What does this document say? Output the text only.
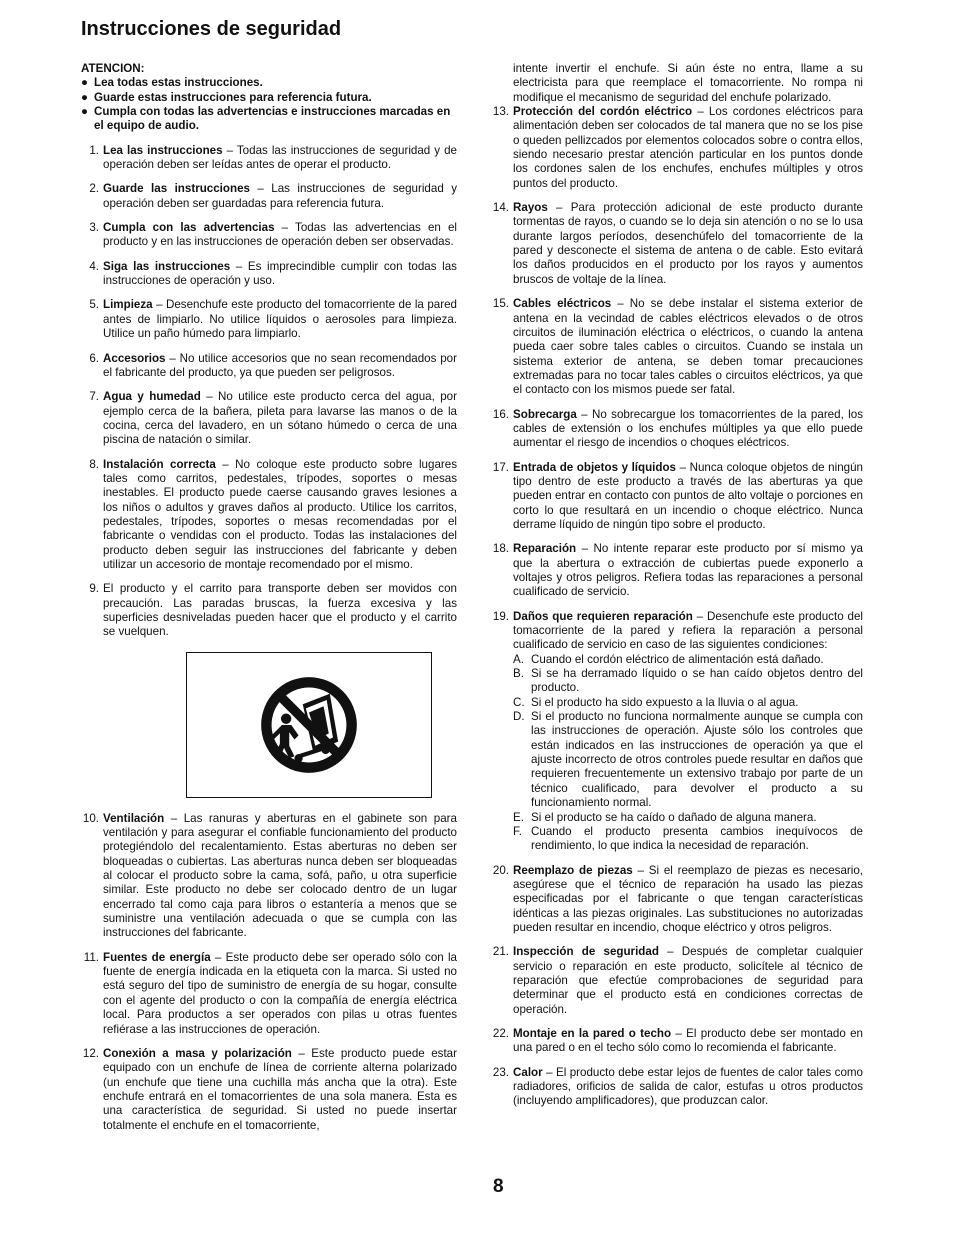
Instrucciones de seguridad
ATENCION:
● Lea todas estas instrucciones.
● Guarde estas instrucciones para referencia futura.
● Cumpla con todas las advertencias e instrucciones marcadas en el equipo de audio.
1. Lea las instrucciones – Todas las instrucciones de seguridad y de operación deben ser leídas antes de operar el producto.
2. Guarde las instrucciones – Las instrucciones de seguridad y operación deben ser guardadas para referencia futura.
3. Cumpla con las advertencias – Todas las advertencias en el producto y en las instrucciones de operación deben ser observadas.
4. Siga las instrucciones – Es imprecindible cumplir con todas las instrucciones de operación y uso.
5. Limpieza – Desenchufe este producto del tomacorriente de la pared antes de limpiarlo. No utilice líquidos o aerosoles para limpieza. Utilice un paño húmedo para limpiarlo.
6. Accesorios – No utilice accesorios que no sean recomendados por el fabricante del producto, ya que pueden ser peligrosos.
7. Agua y humedad – No utilice este producto cerca del agua, por ejemplo cerca de la bañera, pileta para lavarse las manos o de la cocina, cerca del lavadero, en un sótano húmedo o cerca de una piscina de natación o similar.
8. Instalación correcta – No coloque este producto sobre lugares tales como carritos, pedestales, trípodes, soportes o mesas inestables. El producto puede caerse causando graves lesiones a los niños o adultos y graves daños al producto. Utilice los carritos, pedestales, trípodes, soportes o mesas recomendadas por el fabricante o vendidas con el producto. Todas las instalaciones del producto deben seguir las instrucciones del fabricante y deben utilizar un accesorio de montaje recomendado por el mismo.
9. El producto y el carrito para transporte deben ser movidos con precaución. Las paradas bruscas, la fuerza excesiva y las superficies desniveladas pueden hacer que el producto y el carrito se vuelquen.
10. Ventilación – Las ranuras y aberturas en el gabinete son para ventilación y para asegurar el confiable funcionamiento del producto protegiéndolo del recalentamiento. Estas aberturas no deben ser bloqueadas o cubiertas. Las aberturas nunca deben ser bloqueadas al colocar el producto sobre la cama, sofá, paño, u otra superficie similar. Este producto no debe ser colocado dentro de un lugar encerrado tal como caja para libros o estantería a menos que se suministre una ventilación adecuada o que se cumpla con las instrucciones del fabricante.
11. Fuentes de energía – Este producto debe ser operado sólo con la fuente de energía indicada en la etiqueta con la marca. Si usted no está seguro del tipo de suministro de energía de su hogar, consulte con el agente del producto o con la compañía de energía eléctrica local. Para productos a ser operados con pilas u otras fuentes refiérase a las instrucciones de operación.
12. Conexión a masa y polarización – Este producto puede estar equipado con un enchufe de línea de corriente alterna polarizado (un enchufe que tiene una cuchilla más ancha que la otra). Este enchufe entrará en el tomacorrientes de una sola manera. Esta es una característica de seguridad. Si usted no puede insertar totalmente el enchufe en el tomacorriente,
intente invertir el enchufe. Si aún éste no entra, llame a su electricista para que reemplace el tomacorriente. No rompa ni modifique el mecanismo de seguridad del enchufe polarizado.
13. Protección del cordón eléctrico – Los cordones eléctricos para alimentación deben ser colocados de tal manera que no se los pise o queden pellizcados por elementos colocados sobre o contra ellos, siendo necesario prestar atención particular en los puntos donde los cordones salen de los enchufes, enchufes múltiples y otros puntos del producto.
14. Rayos – Para protección adicional de este producto durante tormentas de rayos, o cuando se lo deja sin atención o no se lo usa durante largos períodos, desenchúfelo del tomacorriente de la pared y desconecte el sistema de antena o de cable. Esto evitará los daños producidos en el producto por los rayos y aumentos bruscos de voltaje de la línea.
15. Cables eléctricos – No se debe instalar el sistema exterior de antena en la vecindad de cables eléctricos elevados o de otros circuitos de iluminación eléctrica o eléctricos, o cuando la antena pueda caer sobre tales cables o circuitos. Cuando se instala un sistema exterior de antena, se deben tomar precauciones extremadas para no tocar tales cables o circuitos eléctricos, ya que el contacto con los mismos puede ser fatal.
16. Sobrecarga – No sobrecargue los tomacorrientes de la pared, los cables de extensión o los enchufes múltiples ya que ello puede aumentar el riesgo de incendios o choques eléctricos.
17. Entrada de objetos y líquidos – Nunca coloque objetos de ningún tipo dentro de este producto a través de las aberturas ya que pueden entrar en contacto con puntos de alto voltaje o porciones en corto lo que resultará en un incendio o choque eléctrico. Nunca derrame líquido de ningún tipo sobre el producto.
18. Reparación – No intente reparar este producto por sí mismo ya que la abertura o extracción de cubiertas puede exponerlo a voltajes y otros peligros. Refiera todas las reparaciones a personal cualificado de servicio.
19. Daños que requieren reparación – Desenchufe este producto del tomacorriente de la pared y refiera la reparación a personal cualificado de servicio en caso de las siguientes condiciones:
A. Cuando el cordón eléctrico de alimentación está dañado.
B. Si se ha derramado líquido o se han caído objetos dentro del producto.
C. Si el producto ha sido expuesto a la lluvia o al agua.
D. Si el producto no funciona normalmente aunque se cumpla con las instrucciones de operación. Ajuste sólo los controles que están indicados en las instrucciones de operación ya que el ajuste incorrecto de otros controles puede resultar en daños que requieren frecuentemente un extensivo trabajo por parte de un técnico cualificado, para devolver el producto a su funcionamiento normal.
E. Si el producto se ha caído o dañado de alguna manera.
F. Cuando el producto presenta cambios inequívocos de rendimiento, lo que indica la necesidad de reparación.
20. Reemplazo de piezas – Si el reemplazo de piezas es necesario, asegúrese que el técnico de reparación ha usado las piezas especificadas por el fabricante o que tengan características idénticas a las piezas originales. Las substituciones no autorizadas pueden resultar en incendio, choque eléctrico y otros peligros.
21. Inspección de seguridad – Después de completar cualquier servicio o reparación en este producto, solicítele al técnico de reparación que efectúe comprobaciones de seguridad para determinar que el producto está en condiciones correctas de operación.
22. Montaje en la pared o techo – El producto debe ser montado en una pared o en el techo sólo como lo recomienda el fabricante.
23. Calor – El producto debe estar lejos de fuentes de calor tales como radiadores, orificios de salida de calor, estufas u otros productos (incluyendo amplificadores), que produzcan calor.
8
